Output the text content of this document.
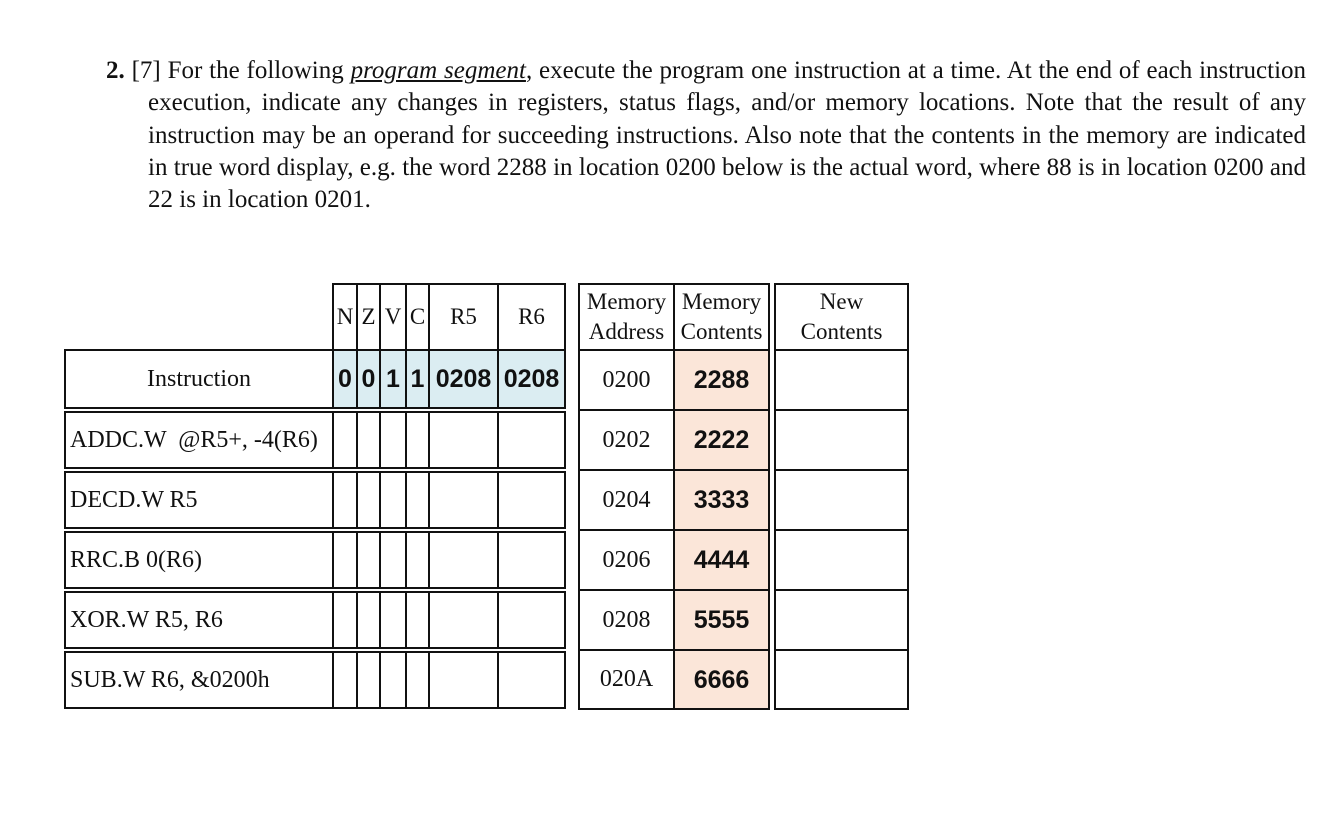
2. [7] For the following program segment, execute the program one instruction at a time. At the end of each instruction execution, indicate any changes in registers, status flags, and/or memory locations. Note that the result of any instruction may be an operand for succeeding instructions. Also note that the contents in the memory are indicated in true word display, e.g. the word 2288 in location 0200 below is the actual word, where 88 is in location 0200 and 22 is in location 0201.
N Z V C	R5	R6
Instruction	0 0 1 1 0208 0208
ADDC.W  @R5+, -4(R6)
DECD.W R5
RRC.B 0(R6)
XOR.W R5, R6
SUB.W R6, &0200h
Memory Address
Memory Contents
New Contents
0200	2288
0202	2222
0204	3333
0206	4444
0208	5555
020A	6666
